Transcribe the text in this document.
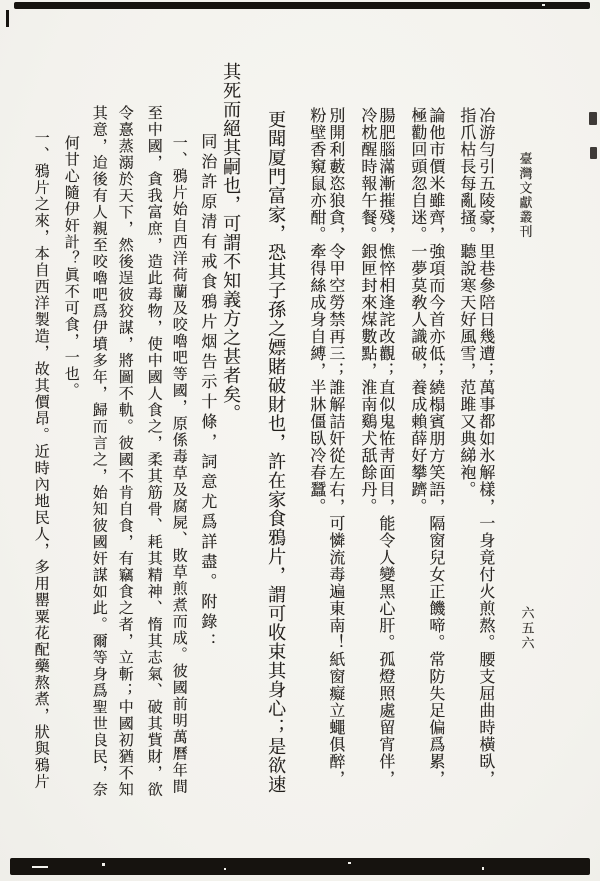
臺灣文獻叢刊
六五六
冶游勻引五陵豪，里巷參陪日幾遭；萬事都如氷解樣，一身竟付火煎熬。腰支屈曲時橫臥，
指爪枯長每亂搔。聽說寒天好風雪，范雎又典綈袍。
論他市價米雖齊，強項而今首亦低；繞榻賓朋方笑語，隔窗兒女正饑啼。常防失足偏爲累，
極勸回頭忽自迷。一夢莫敎人識破，養成賴薛好攀躋。
腸肥腦滿漸摧殘，憔悴相逢詫改觀；直似鬼恠靑面目，能令人變黑心肝。孤燈照處留宵伴，
冷枕醒時報午餐。銀匣封來煤數點，淮南鷄犬舐餘丹。
別開利藪恣狼貪，令甲空勞禁再三；誰解詰奸從左右，可憐流毒遍東南！紙窗癡立蠅俱醉，
粉壁香窺鼠亦酣。牽得絲成身自縛，半牀僵臥冷春蠶。
更聞厦門富家，恐其子孫之嫖賭破財也，許在家食鴉片，謂可收束其身心；是欲速
其死而絕其嗣也，可謂不知義方之甚者矣。
同治許原清有戒食鴉片烟告示十條，詞意尤爲詳盡。附錄：
一、鴉片始自西洋荷蘭及咬嚕吧等國，原係毒草及腐屍、敗草煎煮而成。彼國前明萬曆年間
至中國，貪我富庶，造此毒物，使中國人食之，柔其筋骨、耗其精神、惰其志氣、破其貲財，欲
令憙蒸溺於天下，然後逞彼狡謀，將圖不軌。彼國不肯自食，有竊食之者，立斬；中國初猶不知
其意，迨後有人親至咬嚕吧爲伊墳多年，歸而言之，始知彼國奸謀如此。爾等身爲聖世良民，奈
何甘心隨伊奸計？眞不可食，一也。
一、鴉片之來，本自西洋製造，故其價昂。近時內地民人，多用罌粟花配藥熬煮，狀與鴉片
